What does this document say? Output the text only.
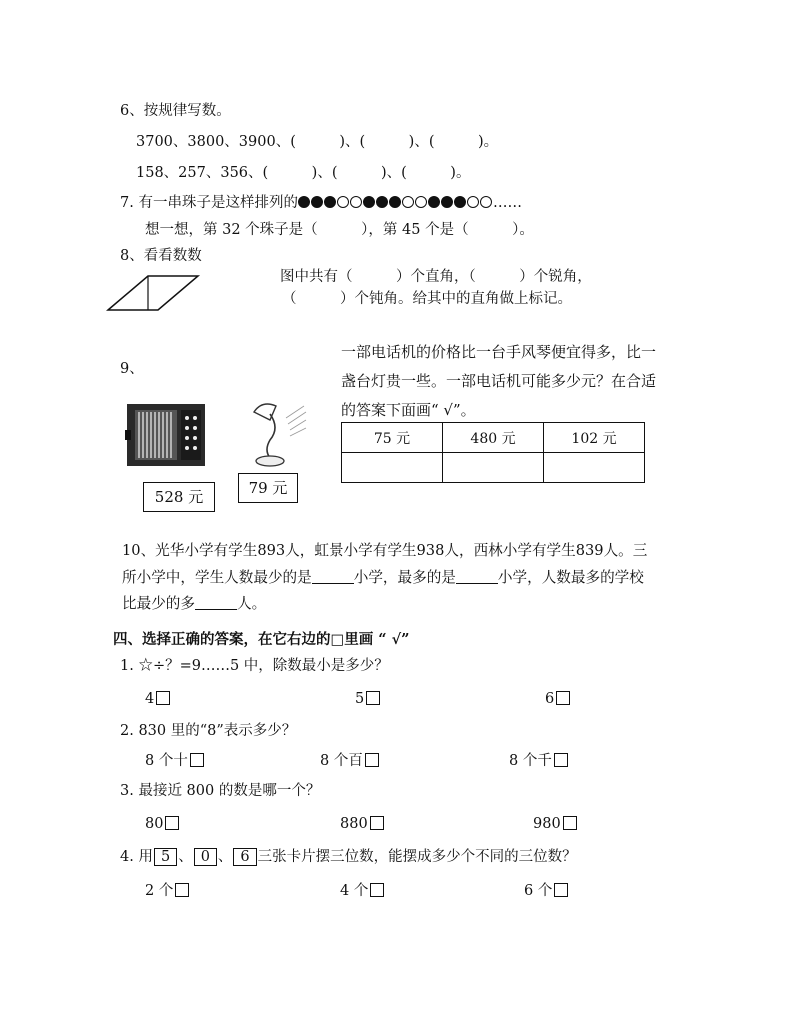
6、按规律写数。
3700、3800、3900、(　　　)、(　　　)、(　　　)。
158、257、356、(　　　)、(　　　)、(　　　)。
7. 有一串珠子是这样排列的	……
想一想，第 32 个珠子是（　　　），第 45 个是（　　　）。
8、看看数数
图中共有（　　　）个直角，（　　　）个锐角，
（　　　）个钝角。给其中的直角做上标记。
9、
一部电话机的价格比一台手风琴便宜得多，比一
盏台灯贵一些。一部电话机可能多少元？在合适
的答案下面画“ √”。
528 元	79 元
75 元	480 元	102 元

10、光华小学有学生893人，虹景小学有学生938人，西林小学有学生839人。三
所小学中，学生人数最少的是	小学，最多的是	小学，人数最多的学校
比最少的多	人。
四、选择正确的答案，在它右边的□里画 “ √”
1. ☆÷？=9……5 中，除数最小是多少？
4	5	6
2. 830 里的“8”表示多少？
8 个十	8 个百	8 个千
3. 最接近 800 的数是哪一个？
80	880	980
4. 用 5 、 0 、 6 三张卡片摆三位数，能摆成多少个不同的三位数？
2 个	4 个	6 个
